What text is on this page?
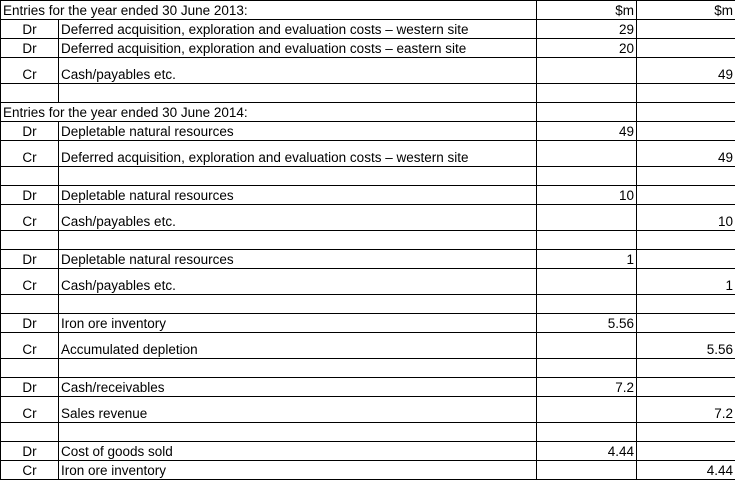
Entries for the year ended 30 June 2013:		$m	$m
Dr	Deferred acquisition, exploration and evaluation costs – western site	29	
Dr	Deferred acquisition, exploration and evaluation costs – eastern site	20	
Cr	Cash/payables etc.		49

Entries for the year ended 30 June 2014:			
Dr	Depletable natural resources	49	
Cr	Deferred acquisition, exploration and evaluation costs – western site		49

Dr	Depletable natural resources	10	
Cr	Cash/payables etc.		10

Dr	Depletable natural resources	1	
Cr	Cash/payables etc.		1

Dr	Iron ore inventory	5.56	
Cr	Accumulated depletion		5.56

Dr	Cash/receivables	7.2	
Cr	Sales revenue		7.2

Dr	Cost of goods sold	4.44	
Cr	Iron ore inventory		4.44
